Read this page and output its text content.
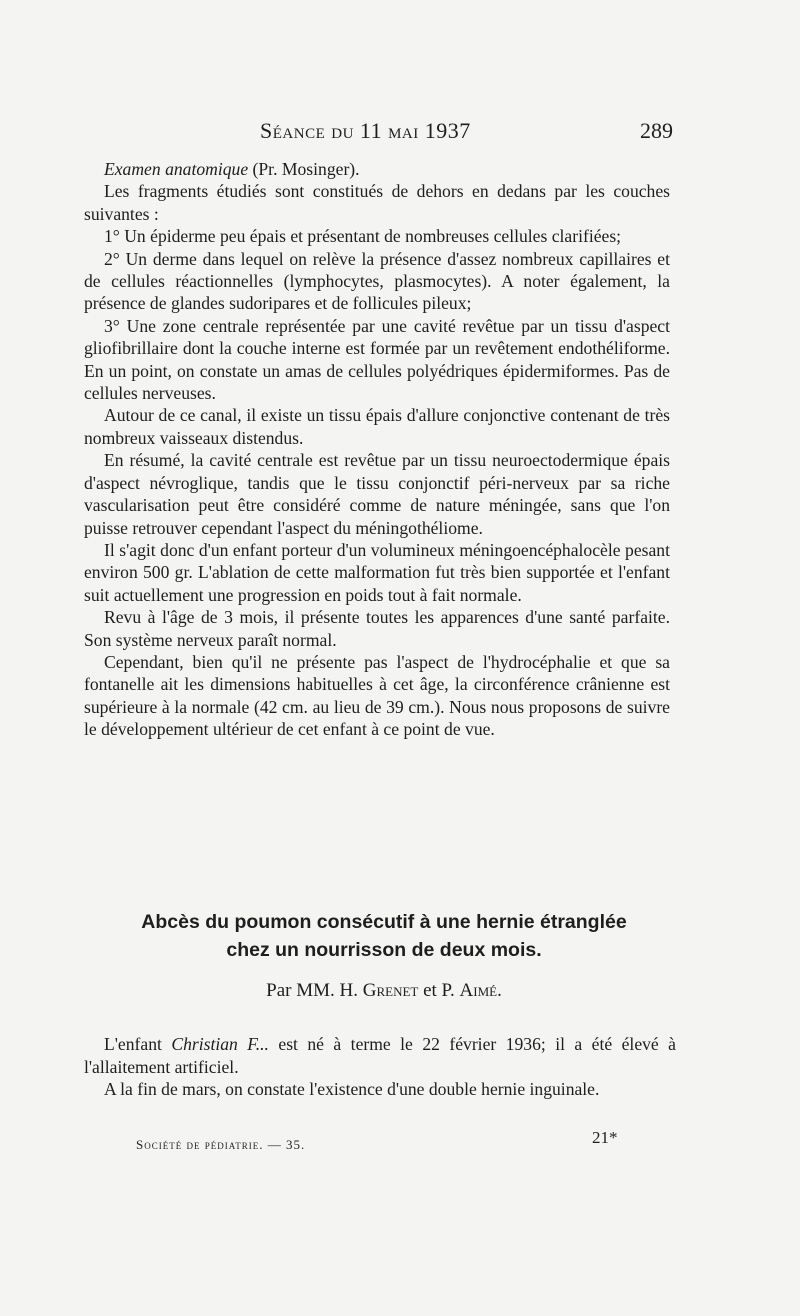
Séance du 11 mai 1937	289

Examen anatomique (Pr. Mosinger).

Les fragments étudiés sont constitués de dehors en dedans par les couches suivantes :

1° Un épiderme peu épais et présentant de nombreuses cellules clarifiées;

2° Un derme dans lequel on relève la présence d'assez nombreux capillaires et de cellules réactionnelles (lymphocytes, plasmocytes). A noter également, la présence de glandes sudoripares et de follicules pileux;

3° Une zone centrale représentée par une cavité revêtue par un tissu d'aspect gliofibrillaire dont la couche interne est formée par un revêtement endothéliforme. En un point, on constate un amas de cellules polyédriques épidermiformes. Pas de cellules nerveuses.

Autour de ce canal, il existe un tissu épais d'allure conjonctive contenant de très nombreux vaisseaux distendus.

En résumé, la cavité centrale est revêtue par un tissu neuroectodermique épais d'aspect névroglique, tandis que le tissu conjonctif péri-nerveux par sa riche vascularisation peut être considéré comme de nature méningée, sans que l'on puisse retrouver cependant l'aspect du méningothéliome.

Il s'agit donc d'un enfant porteur d'un volumineux méningoencéphalocèle pesant environ 500 gr. L'ablation de cette malformation fut très bien supportée et l'enfant suit actuellement une progression en poids tout à fait normale.

Revu à l'âge de 3 mois, il présente toutes les apparences d'une santé parfaite. Son système nerveux paraît normal.

Cependant, bien qu'il ne présente pas l'aspect de l'hydrocéphalie et que sa fontanelle ait les dimensions habituelles à cet âge, la circonférence crânienne est supérieure à la normale (42 cm. au lieu de 39 cm.). Nous nous proposons de suivre le développement ultérieur de cet enfant à ce point de vue.

Abcès du poumon consécutif à une hernie étranglée
chez un nourrisson de deux mois.
Par MM. H. Grenet et P. Aimé.

L'enfant Christian F... est né à terme le 22 février 1936; il a été élevé à l'allaitement artificiel.

A la fin de mars, on constate l'existence d'une double hernie inguinale.

Société de pédiatrie. — 35.	21*
